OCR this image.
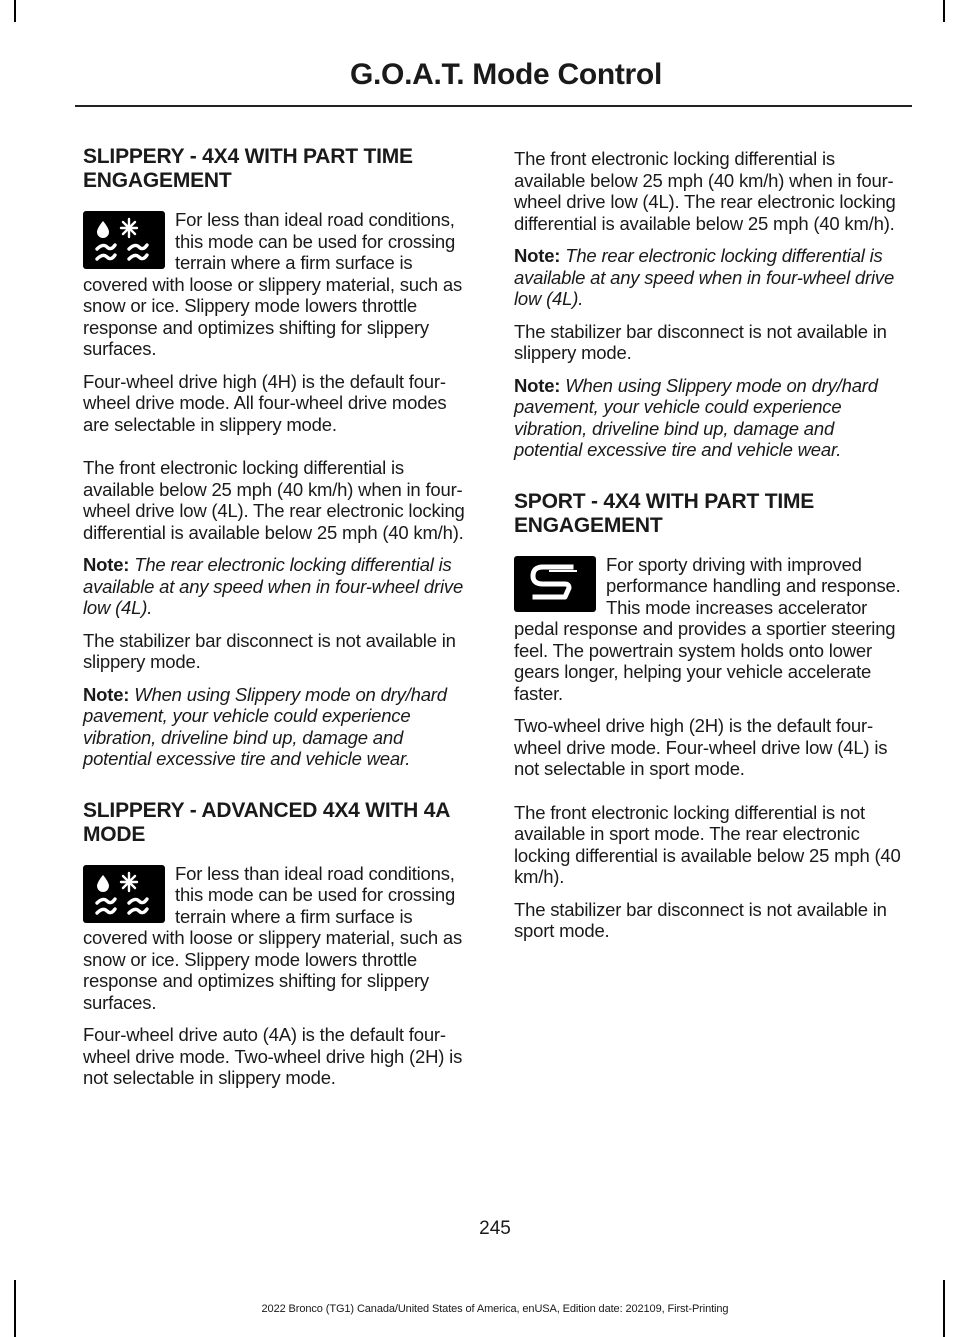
G.O.A.T. Mode Control
SLIPPERY - 4X4 WITH PART TIME ENGAGEMENT

For less than ideal road conditions, this mode can be used for crossing terrain where a firm surface is covered with loose or slippery material, such as snow or ice. Slippery mode lowers throttle response and optimizes shifting for slippery surfaces.

Four-wheel drive high (4H) is the default four-wheel drive mode. All four-wheel drive modes are selectable in slippery mode.

The front electronic locking differential is available below 25 mph (40 km/h) when in four-wheel drive low (4L). The rear electronic locking differential is available below 25 mph (40 km/h).

Note: The rear electronic locking differential is available at any speed when in four-wheel drive low (4L).

The stabilizer bar disconnect is not available in slippery mode.

Note: When using Slippery mode on dry/hard pavement, your vehicle could experience vibration, driveline bind up, damage and potential excessive tire and vehicle wear.

SLIPPERY - ADVANCED 4X4 WITH 4A MODE

For less than ideal road conditions, this mode can be used for crossing terrain where a firm surface is covered with loose or slippery material, such as snow or ice. Slippery mode lowers throttle response and optimizes shifting for slippery surfaces.

Four-wheel drive auto (4A) is the default four-wheel drive mode. Two-wheel drive high (2H) is not selectable in slippery mode.

The front electronic locking differential is available below 25 mph (40 km/h) when in four-wheel drive low (4L). The rear electronic locking differential is available below 25 mph (40 km/h).

Note: The rear electronic locking differential is available at any speed when in four-wheel drive low (4L).

The stabilizer bar disconnect is not available in slippery mode.

Note: When using Slippery mode on dry/hard pavement, your vehicle could experience vibration, driveline bind up, damage and potential excessive tire and vehicle wear.

SPORT - 4X4 WITH PART TIME ENGAGEMENT

For sporty driving with improved performance handling and response. This mode increases accelerator pedal response and provides a sportier steering feel. The powertrain system holds onto lower gears longer, helping your vehicle accelerate faster.

Two-wheel drive high (2H) is the default four-wheel drive mode. Four-wheel drive low (4L) is not selectable in sport mode.

The front electronic locking differential is not available in sport mode. The rear electronic locking differential is available below 25 mph (40 km/h).

The stabilizer bar disconnect is not available in sport mode.

245
2022 Bronco (TG1) Canada/United States of America, enUSA, Edition date: 202109, First-Printing
